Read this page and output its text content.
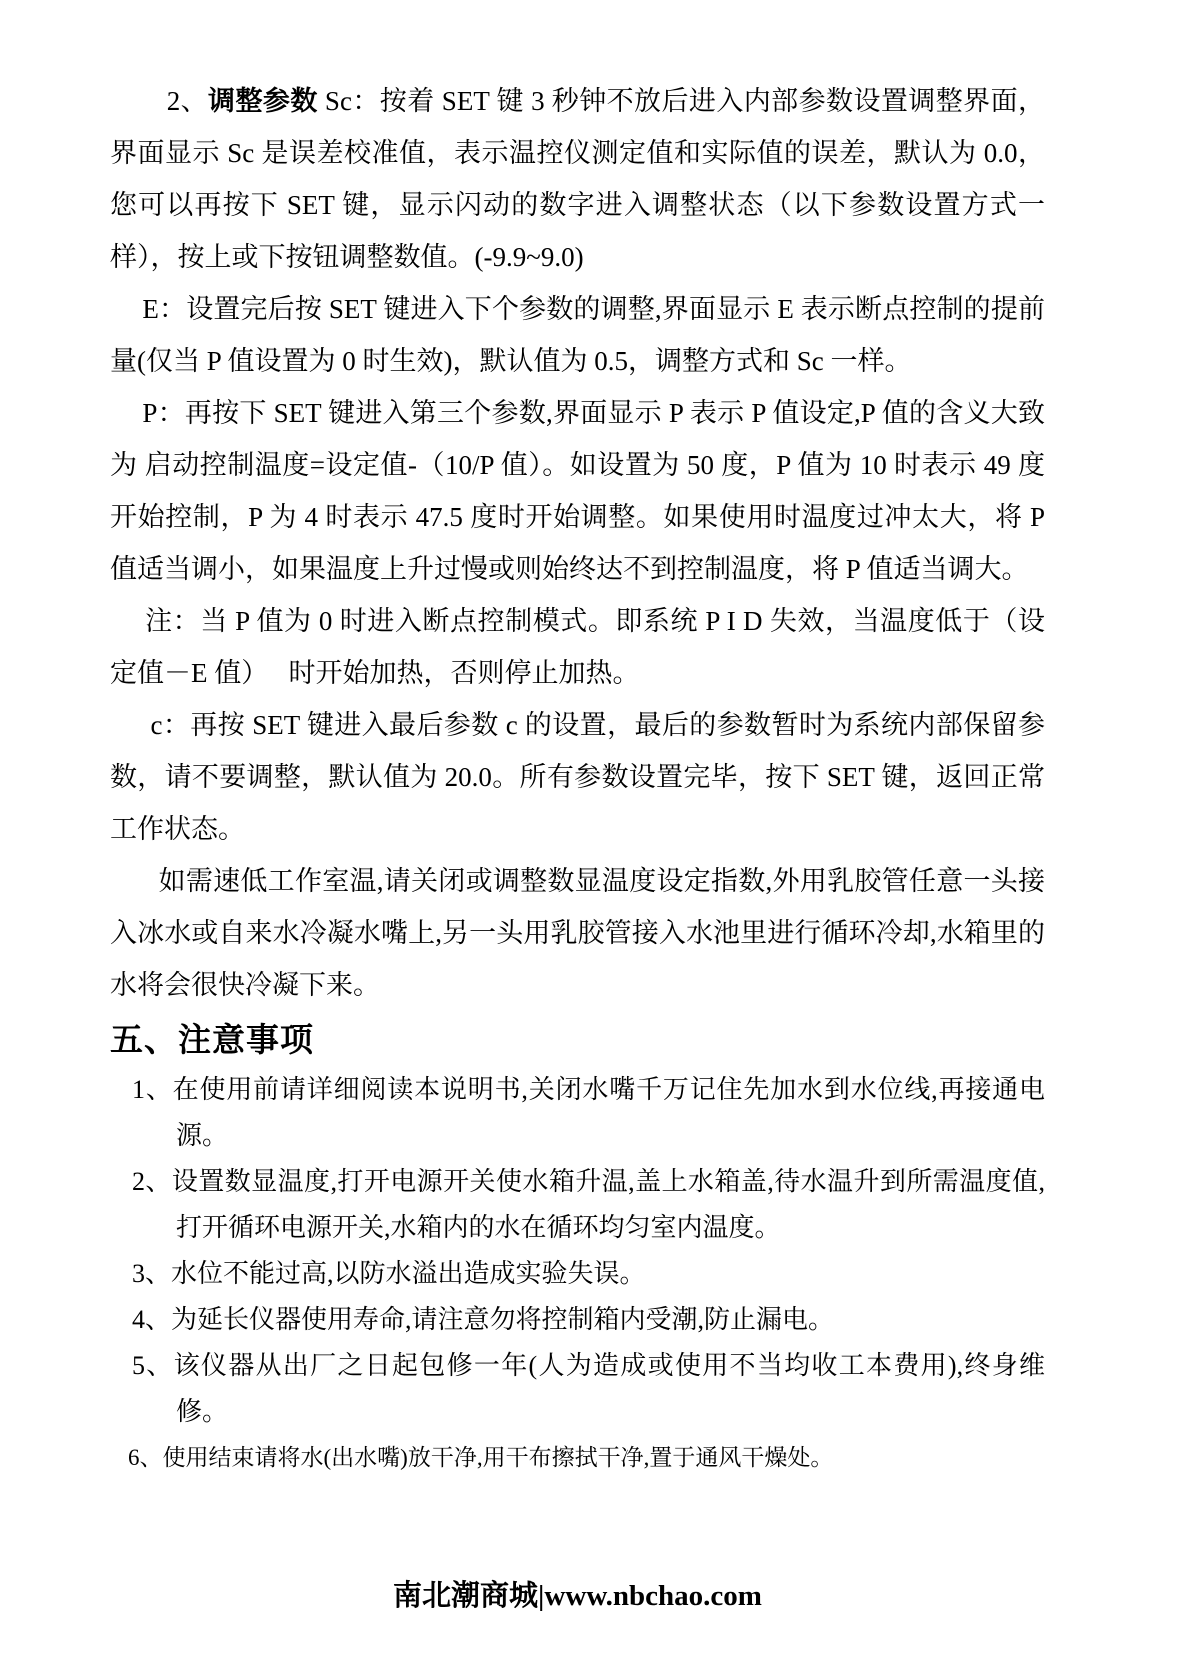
2、调整参数 Sc：按着 SET 键 3 秒钟不放后进入内部参数设置调整界面，界面显示 Sc 是误差校准值，表示温控仪测定值和实际值的误差，默认为 0.0，您可以再按下 SET 键，显示闪动的数字进入调整状态（以下参数设置方式一样），按上或下按钮调整数值。(-9.9~9.0)

E：设置完后按 SET 键进入下个参数的调整,界面显示 E 表示断点控制的提前量(仅当 P 值设置为 0 时生效)，默认值为 0.5，调整方式和 Sc 一样。

P：再按下 SET 键进入第三个参数,界面显示 P 表示 P 值设定,P 值的含义大致为 启动控制温度=设定值-（10/P 值）。如设置为 50 度，P 值为 10 时表示 49 度开始控制，P 为 4 时表示 47.5 度时开始调整。如果使用时温度过冲太大，将 P 值适当调小，如果温度上升过慢或则始终达不到控制温度，将 P 值适当调大。

注：当 P 值为 0 时进入断点控制模式。即系统 P I D 失效，当温度低于（设定值－E 值）　 时开始加热，否则停止加热。

c：再按 SET 键进入最后参数 c 的设置，最后的参数暂时为系统内部保留参数，请不要调整，默认值为 20.0。所有参数设置完毕，按下 SET 键，返回正常工作状态。

如需速低工作室温,请关闭或调整数显温度设定指数,外用乳胶管任意一头接入冰水或自来水冷凝水嘴上,另一头用乳胶管接入水池里进行循环冷却,水箱里的水将会很快冷凝下来。

五、注意事项
1、在使用前请详细阅读本说明书,关闭水嘴千万记住先加水到水位线,再接通电源。
2、设置数显温度,打开电源开关使水箱升温,盖上水箱盖,待水温升到所需温度值,打开循环电源开关,水箱内的水在循环均匀室内温度。
3、水位不能过高,以防水溢出造成实验失误。
4、为延长仪器使用寿命,请注意勿将控制箱内受潮,防止漏电。
5、该仪器从出厂之日起包修一年(人为造成或使用不当均收工本费用),终身维修。
6、使用结束请将水(出水嘴)放干净,用干布擦拭干净,置于通风干燥处。
南北潮商城|www.nbchao.com
